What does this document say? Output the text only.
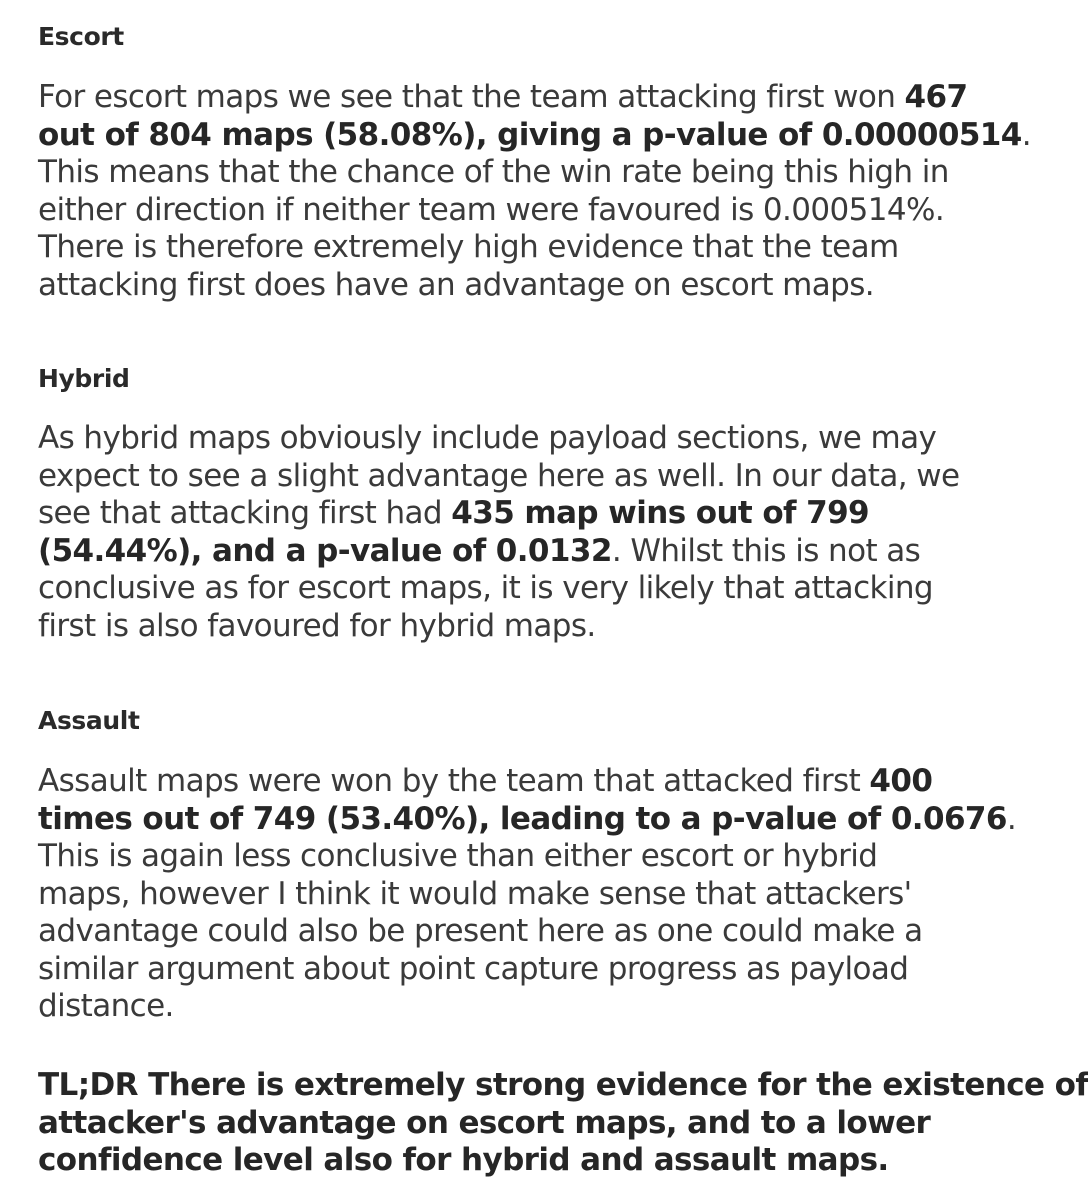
Escort

For escort maps we see that the team attacking first won 467
out of 804 maps (58.08%), giving a p-value of 0.00000514.
This means that the chance of the win rate being this high in
either direction if neither team were favoured is 0.000514%.
There is therefore extremely high evidence that the team
attacking first does have an advantage on escort maps.

Hybrid

As hybrid maps obviously include payload sections, we may
expect to see a slight advantage here as well. In our data, we
see that attacking first had 435 map wins out of 799
(54.44%), and a p-value of 0.0132. Whilst this is not as
conclusive as for escort maps, it is very likely that attacking
first is also favoured for hybrid maps.

Assault

Assault maps were won by the team that attacked first 400
times out of 749 (53.40%), leading to a p-value of 0.0676.
This is again less conclusive than either escort or hybrid
maps, however I think it would make sense that attackers'
advantage could also be present here as one could make a
similar argument about point capture progress as payload
distance.

TL;DR There is extremely strong evidence for the existence of
attacker's advantage on escort maps, and to a lower
confidence level also for hybrid and assault maps.
